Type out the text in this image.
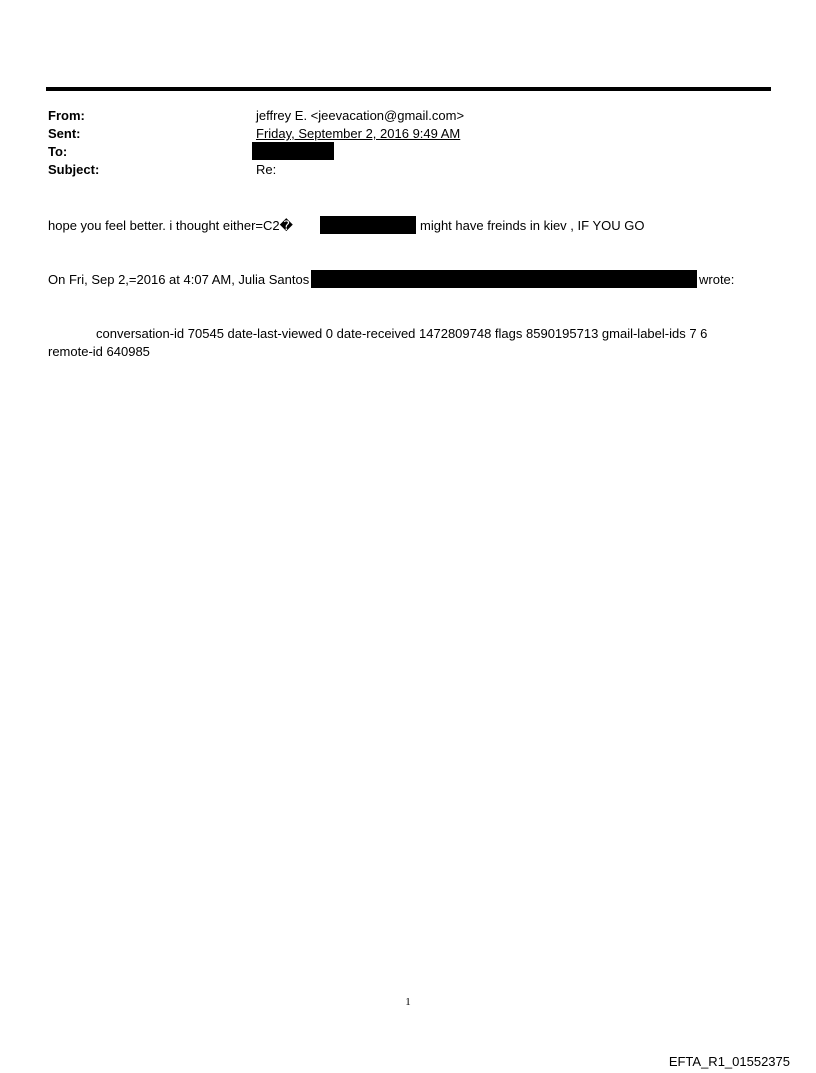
From:	jeffrey E. <jeevacation@gmail.com>
Sent:	Friday, September 2, 2016 9:49 AM
To:
Subject:	Re:
hope you feel better. i thought either=C2�	might have freinds in kiev , IF YOU GO
On Fri, Sep 2,=2016 at 4:07 AM, Julia Santos	wrote:
conversation-id 70545 date-last-viewed 0 date-received 1472809748 flags 8590195713 gmail-label-ids 7 6
remote-id 640985
1
EFTA_R1_01552375
